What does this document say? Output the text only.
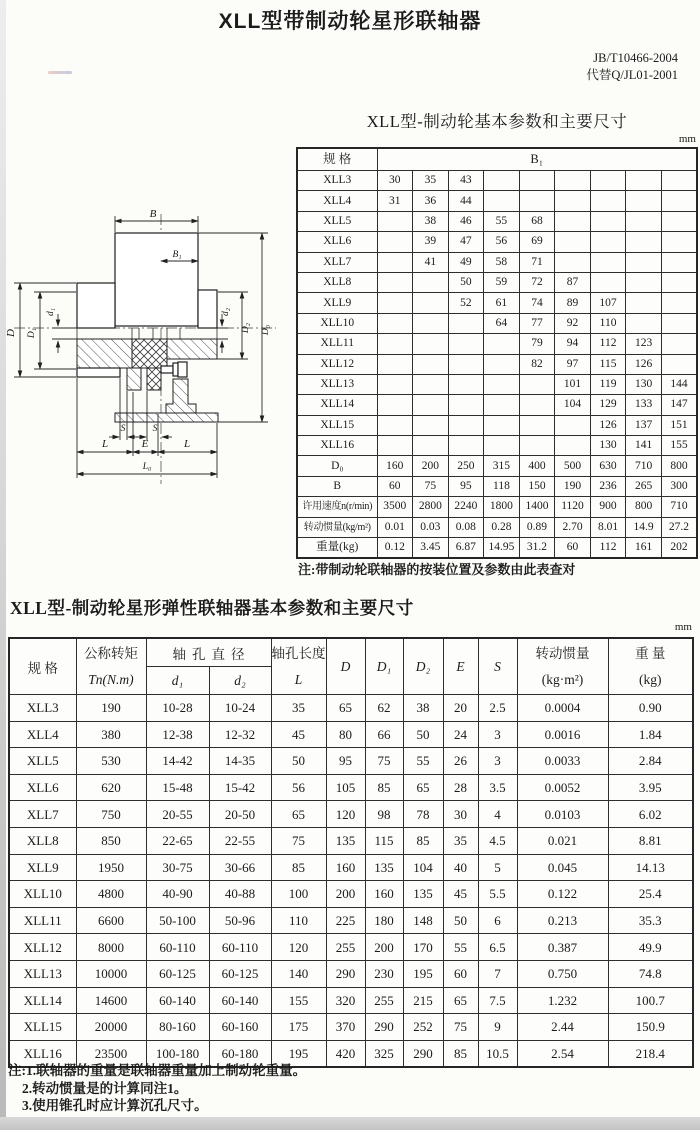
XLL型带制动轮星形联轴器
JB/T10466-2004
代替Q/JL01-2001
XLL型-制动轮基本参数和主要尺寸
mm
规 格	B₁								
XLL3	30	35	43						
XLL4	31	36	44						
XLL5		38	46	55	68				
XLL6		39	47	56	69				
XLL7		41	49	58	71				
XLL8			50	59	72	87			
XLL9			52	61	74	89	107		
XLL10				64	77	92	110		
XLL11					79	94	112	123	
XLL12					82	97	115	126	
XLL13						101	119	130	144
XLL14						104	129	133	147
XLL15							126	137	151
XLL16							130	141	155
D₀	160	200	250	315	400	500	630	710	800
B	60	75	95	118	150	190	236	265	300
许用速度n(r/min)	3500	2800	2240	1800	1400	1120	900	800	710
转动惯量(kg/m²)	0.01	0.03	0.08	0.28	0.89	2.70	8.01	14.9	27.2
重量(kg)	0.12	3.45	6.87	14.95	31.2	60	112	161	202
注:带制动轮联轴器的按装位置及参数由此表查对
B
B₁
D D₁
d₁	d₂
D₂ D₀
S	S
L	E	L
L₀
XLL型-制动轮星形弹性联轴器基本参数和主要尺寸
mm
规 格	
公称转矩
Tn(N.m)
	轴孔直径	轴孔长度
L
	D	D₁	D₂	E	S	
转动惯量
(kg·m²)

重 量
(kg)

		d₁	d₂								
XLL3	190	10-28	10-24	35	65	62	38	20	2.5	0.0004	0.90
XLL4	380	12-38	12-32	45	80	66	50	24	3	0.0016	1.84
XLL5	530	14-42	14-35	50	95	75	55	26	3	0.0033	2.84
XLL6	620	15-48	15-42	56	105	85	65	28	3.5	0.0052	3.95
XLL7	750	20-55	20-50	65	120	98	78	30	4	0.0103	6.02
XLL8	850	22-65	22-55	75	135	115	85	35	4.5	0.021	8.81
XLL9	1950	30-75	30-66	85	160	135	104	40	5	0.045	14.13
XLL10	4800	40-90	40-88	100	200	160	135	45	5.5	0.122	25.4
XLL11	6600	50-100	50-96	110	225	180	148	50	6	0.213	35.3
XLL12	8000	60-110	60-110	120	255	200	170	55	6.5	0.387	49.9
XLL13	10000	60-125	60-125	140	290	230	195	60	7	0.750	74.8
XLL14	14600	60-140	60-140	155	320	255	215	65	7.5	1.232	100.7
XLL15	20000	80-160	60-160	175	370	290	252	75	9	2.44	150.9
XLL16	23500	100-180	60-180	195	420	325	290	85	10.5	2.54	218.4
注:1.联轴器的重量是联轴器重量加上制动轮重量。
2.转动惯量是的计算同注1。
3.使用锥孔时应计算沉孔尺寸。
